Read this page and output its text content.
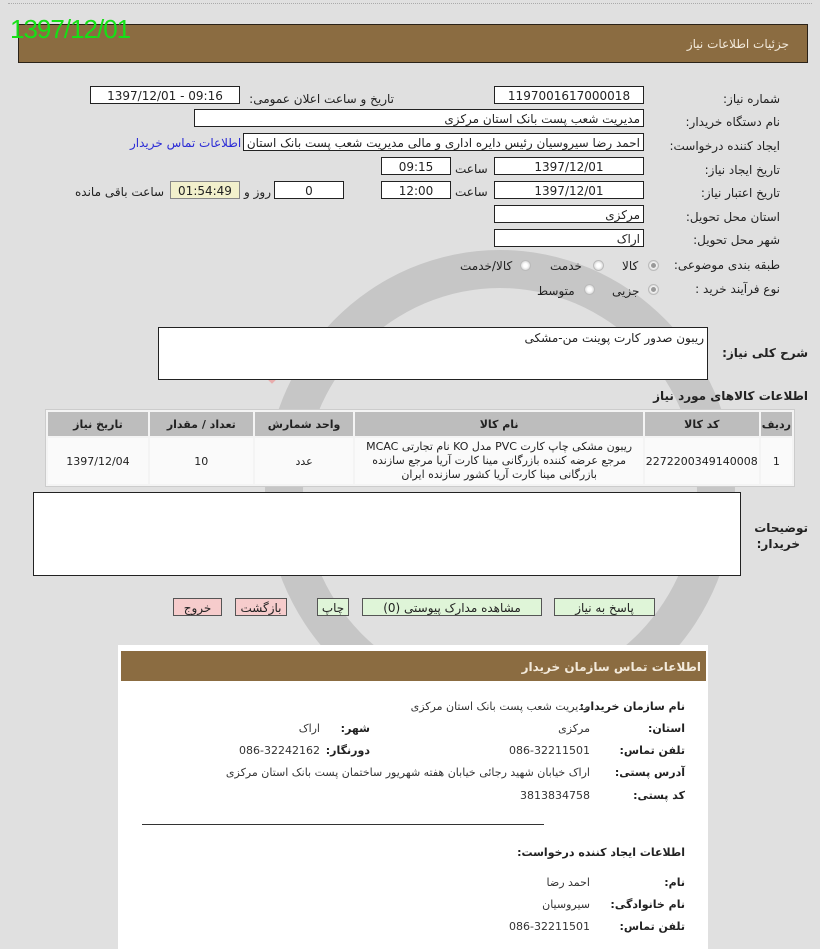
جزئیات اطلاعات نیاز
1397/12/01
شماره نیاز:
1197001617000018
تاریخ و ساعت اعلان عمومی:
1397/12/01 - 09:16
نام دستگاه خریدار:
مدیریت شعب پست بانک استان مرکزی
ایجاد کننده درخواست:
احمد رضا سیروسیان رئیس دایره اداری و مالی مدیریت شعب پست بانک استان
اطلاعات تماس خریدار
تاریخ ایجاد نیاز:
1397/12/01
ساعت
09:15
تاریخ اعتبار نیاز:
1397/12/01
ساعت
12:00
0
روز و
01:54:49
ساعت باقی مانده
استان محل تحویل:
مرکزی
شهر محل تحویل:
اراک
طبقه بندی موضوعی:
کالا
خدمت
کالا/خدمت
نوع فرآیند خرید :
جزیی
متوسط
شرح کلی نیاز:
ریبون صدور کارت پوینت من-مشکی
اطلاعات کالاهای مورد نیاز
ردیف	کد کالا	نام کالا	واحد شمارش	تعداد / مقدار	تاریخ نیاز
1	2272200349140008	ریبون مشکی چاپ کارت PVC مدل KO نام تجارتی MCAC مرجع عرضه کننده بازرگانی مینا کارت آریا مرجع سازنده بازرگانی مینا کارت آریا کشور سازنده ایران	عدد	10	1397/12/04
توضیحات
خریدار:
پاسخ به نیاز
مشاهده مدارک پیوستی (0)
چاپ
بازگشت
خروج
اطلاعات تماس سازمان خریدار
نام سازمان خریدار:
مدیریت شعب پست بانک استان مرکزی
استان:
مرکزی
شهر:
اراک
تلفن تماس:
086-32211501
دورنگار:
086-32242162
آدرس پستی:
اراک خیابان شهید رجائی خیابان هفته شهریور ساختمان پست بانک استان مرکزی
کد پستی:
3813834758
اطلاعات ایجاد کننده درخواست:
نام:
احمد رضا
نام خانوادگی:
سیروسیان
تلفن تماس:
086-32211501
